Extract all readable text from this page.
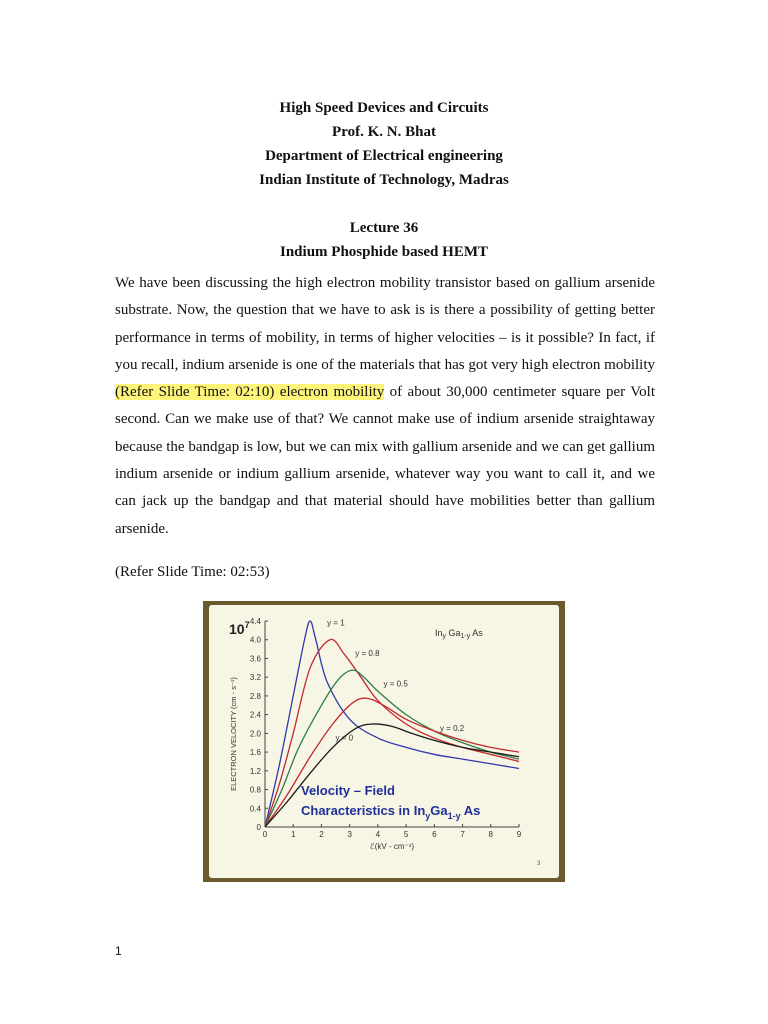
High Speed Devices and Circuits
Prof. K. N. Bhat
Department of Electrical engineering
Indian Institute of Technology, Madras
Lecture 36
Indium Phosphide based HEMT

We have been discussing the high electron mobility transistor based on gallium arsenide substrate. Now, the question that we have to ask is is there a possibility of getting better performance in terms of mobility, in terms of higher velocities – is it possible? In fact, if you recall, indium arsenide is one of the materials that has got very high electron mobility (Refer Slide Time: 02:10) electron mobility of about 30,000 centimeter square per Volt second. Can we make use of that? We cannot make use of indium arsenide straightaway because the bandgap is low, but we can mix with gallium arsenide and we can get gallium indium arsenide or indium gallium arsenide, whatever way you want to call it, and we can jack up the bandgap and that material should have mobilities better than gallium arsenide.

(Refer Slide Time: 02:53)
0	1	2	3	4	5	6	7	8	9
0
0.4
0.8
1.2
1.6
2.0
2.4
2.8
3.2
3.6
4.0
4.4
ℰ(kV - cm⁻¹)
ELECTRON VELOCITY (cm - s⁻¹)
y = 1
y = 0.8
y = 0.5
y = 0.2
y = 0
$10^7$
$In_y$ $Ga_{1-y}$ As
Velocity – Field
Characteristics in $In_yGa_{1-y}$ As
3
1
